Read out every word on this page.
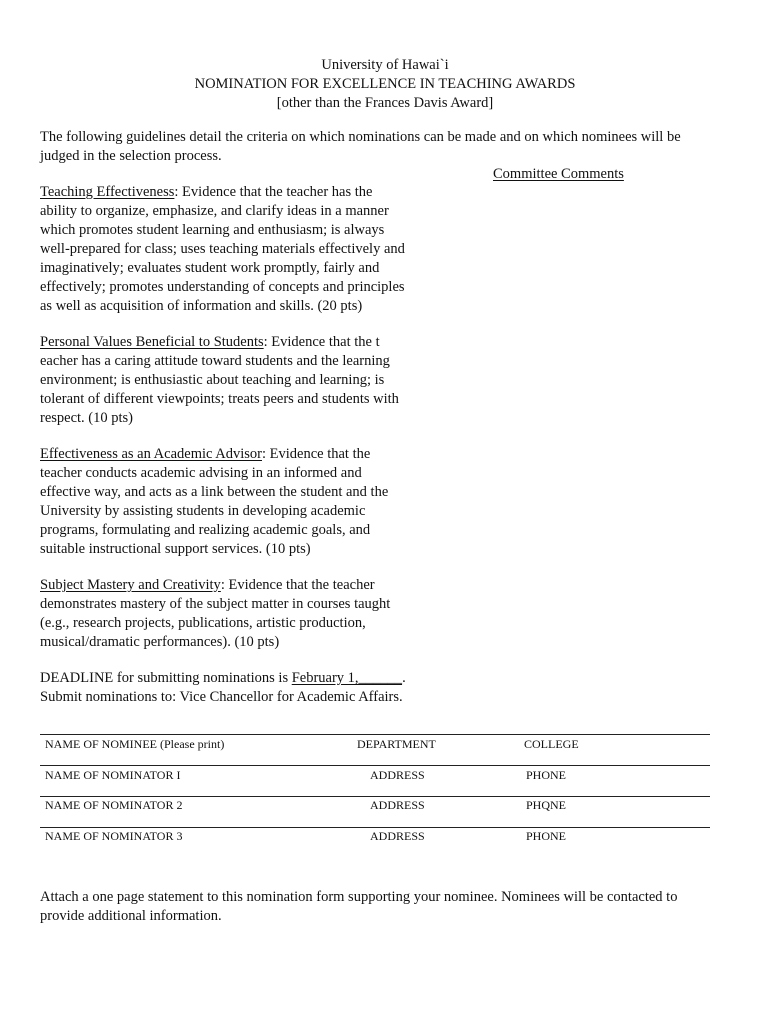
University of Hawai`i
NOMINATION FOR EXCELLENCE IN TEACHING AWARDS
[other than the Frances Davis Award]
The following guidelines detail the criteria on which nominations can be made and on which nominees will be
judged in the selection process.
Committee Comments
Teaching Effectiveness: Evidence that the teacher has the
ability to organize, emphasize, and clarify ideas in a manner
which promotes student learning and enthusiasm; is always
well-prepared for class; uses teaching materials effectively and
imaginatively; evaluates student work promptly, fairly and
effectively; promotes understanding of concepts and principles
as well as acquisition of information and skills. (20 pts)
Personal Values Beneficial to Students: Evidence that the t
eacher has a caring attitude toward students and the learning
environment; is enthusiastic about teaching and learning; is
tolerant of different viewpoints; treats peers and students with
respect. (10 pts)
Effectiveness as an Academic Advisor: Evidence that the
teacher conducts academic advising in an informed and
effective way, and acts as a link between the student and the
University by assisting students in developing academic
programs, formulating and realizing academic goals, and
suitable instructional support services. (10 pts)
Subject Mastery and Creativity: Evidence that the teacher
demonstrates mastery of the subject matter in courses taught
(e.g., research projects, publications, artistic production,
musical/dramatic performances). (10 pts)
DEADLINE for submitting nominations is February 1,______.
Submit nominations to: Vice Chancellor for Academic Affairs.
NAME OF NOMINEE (Please print)	DEPARTMENT	COLLEGE
NAME OF NOMINATOR I	ADDRESS	PHONE
NAME OF NOMINATOR 2	ADDRESS	PHQNE
NAME OF NOMINATOR 3	ADDRESS	PHONE
Attach a one page statement to this nomination form supporting your nominee. Nominees will be contacted to
provide additional information.
